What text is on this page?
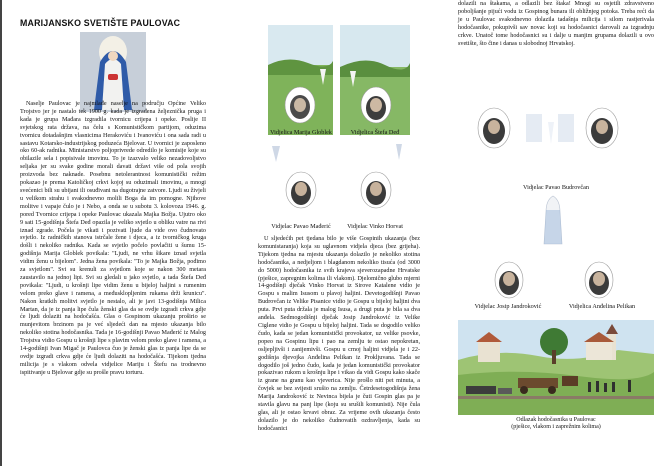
MARIJANSKO SVETIŠTE PAULOVAC

Naselje Paulovac je najmlađe naselje na području Općine Veliko Trojstvo jer je nastalo tek 1900 g. kada je izgrađena željeznička pruga i kada je grupa Mađara izgradila tvornicu crijepa i opeke. Poslije II svjetskog rata država, na čelu s Komunističkom partijom, oduzima tvornicu dotadašnjim vlasnicima Herakoviću i Ivanoviću i ona sada radi u sastavu Kotarsko-industrijskog poduzeća Bjelovar. U tvornici je zaposleno oko 60-ak radnika. Ministarstvo poljoprivrede odredilo je komisije koje su obilazile sela i popisivale imovinu. To je izazvalo veliko nezadovoljstvo seljaka jer su svake godine morali davati državi više od pola svojih proizvoda bez naknade. Posebnu netolerantnost komunistički režim pokazao je prema Katoličkoj crkvi kojoj su oduzimali imovinu, a mnogi svećenici bili su ubijani ili osuđivani na dugotrajne zatvore. Ljudi su živjeli u velikom strahu i svakodnevno molili Boga da im pomogne. Njihove molitve i vapaje čulo je i Nebo, a onda se u subotu 3. kolovoza 1946. g. pored Tvornice crijepa i opeke Paulovac ukazala Majka Božja. Ujutro oko 9 sati 15-godišnja Štefa Deđ opazila je veliko svjetlo u obliku vatre na rivi iznad zgrade. Počela je vikati i pozivati ljude da vide ovo čudnovato svjetlo. Iz radničkih stanova istrčale žene i djeca, a iz tvorničkog kruga došli i nekoliko radnika. Kada se svjetlo počelo povlačiti u šumu 15-godišnja Marija Globlek povikala: "Ljudi, ne vrhu šikare iznad svjetla vidim ženu u bijelom". Jedna žena povikala: "To je Majka Božja, pođimo za svjetlom". Svi su krenuli za svjetlom koje se nakon 300 metara zaustavilo na jednoj lipi. Svi su gledali u jako svjetlo, a tada Štefa Deđ povikala: "Ljudi, u krošnji lipe vidim ženu u bijeloj haljini s rumenim velom preko glave i ramena, a međusklopljenim rukama drži krunicu". Nakon kratkih molitvi svjetlo je nestalo, ali je javi 13-godišnja Milica Martan, da je iz panja lipe čula ženski glas da se ovdje izgradi crkva gdje će ljudi dolaziti na hodočašća. Glas o Gospinom ukazanju proširio se munjevitom brzinom pa je već sljedeći dan na mjesto ukazanja bilo nekoliko stotina hodočasnika. Tada je 16-godišnji Pavao Mađerić iz Malog Trojstva vidio Gospu u krošnji lipe s plavim velom preko glave i ramena, a 14-godišnji Ivan Migač je Paulovca čuo je ženski glas iz panja lipe da se ovdje izgradi crkva gdje će ljudi dolaziti na hodočašća. Tijekom tjedna milicija je s vlakom odvela vidjelice Mariju i Štefu na trodnevno ispitivanje u Bjelovar gdje su prošle pravu torturu.

Vidjelica Marija Globlek	Vidjelica Štefa Deđ
Vidjelac Pavao Mađerić	Vidjelac Vinko Horvat

U sljedećih pet tjedana bilo je više Gospinih ukazanja (bez komunistaranja) koja su uglavnom vidjela djeca (bez grijeha). Tijekom tjedna na mjestu ukazanja dolazilo je nekoliko stotina hodočasnika, a nedjeljom i blagdanom nekoliko tisuća (od 3000 do 5000) hodočasnika iz svih krajeva sjeverozapadne Hrvatske (pješice, zapregnim kolima ili vlakom). Djelomično glubo mjerni 14-godišnji dječak Vinko Horvat iz Sirove Katalene vidio je Gospu s malim Isusom u plavoj haljini. Devetogodišnji Pavao Budrovčan iz Velike Pisanice vidio je Gospu u bijeloj haljini dva puta. Prvi puta držala je malog Isusa, a drugi puta je bila sa dva anđela. Sedmogodišnji dječak Josip Jandroković iz Velike Ciglene vidio je Gospu u bijeloj haljini. Tada se dogodilo veliko čudo, kada se jedan komunistički provokator, uz velike psovke, popeo na Gospinu lipu i pao na zemlju te ostao nepokretan, osljepljivši i zanijemivši. Gospu u crnoj haljini vidjela je i 22-godišnja djevojka Anđelina Pelikan iz Prokljuvana. Tada se dogodilo još jedno čudo, kada je jedan komunistički provokator pokazivao rukom u krošnju lipe i vikao da vidi Gospu kako skače iz grane na granu kao vjeverica. Nije prošlo niti pet minuta, a čovjek se bez svijesti srušio na zemlju. Četrdesetogodišnja žena Marija Jandroković iz Nevinca bijela je čuti Gospin glas pa je stavila glavu na panj lipe (koju su srušili komunisti). Nije čula glas, ali je ostao krvavi obraz. Za vrijeme ovih ukazanja često dolazilo je do nekoliko čudnovatih ozdravljenja, kada su hodočasnici

dolazili na štakama, a odlazili bez štaka! Mnogi su osjetili zdravstveno poboljšanje pijući vodu iz Gospinog bunara ili obližnjeg potoka. Treba reći da je u Paulovac svakodnevno dolazila tadašnja milicija i silom rastjerivala hodočasnike, pokupivši sav novac koji su hodočasnici darovali za izgradnju crkve. Unatoč tome hodočasnici su i dalje u manjim grupama dolazili u ovo svetište, što čine i danas u slobodnoj Hrvatskoj.

Vidjelac Pavao Budrovčan
Vidjelac Josip Jandroković	Vidjelica Anđelina Pelikan
Odlazak hodočasnika u Paulovac
(pješice, vlakom i zaprežnim kolima)
